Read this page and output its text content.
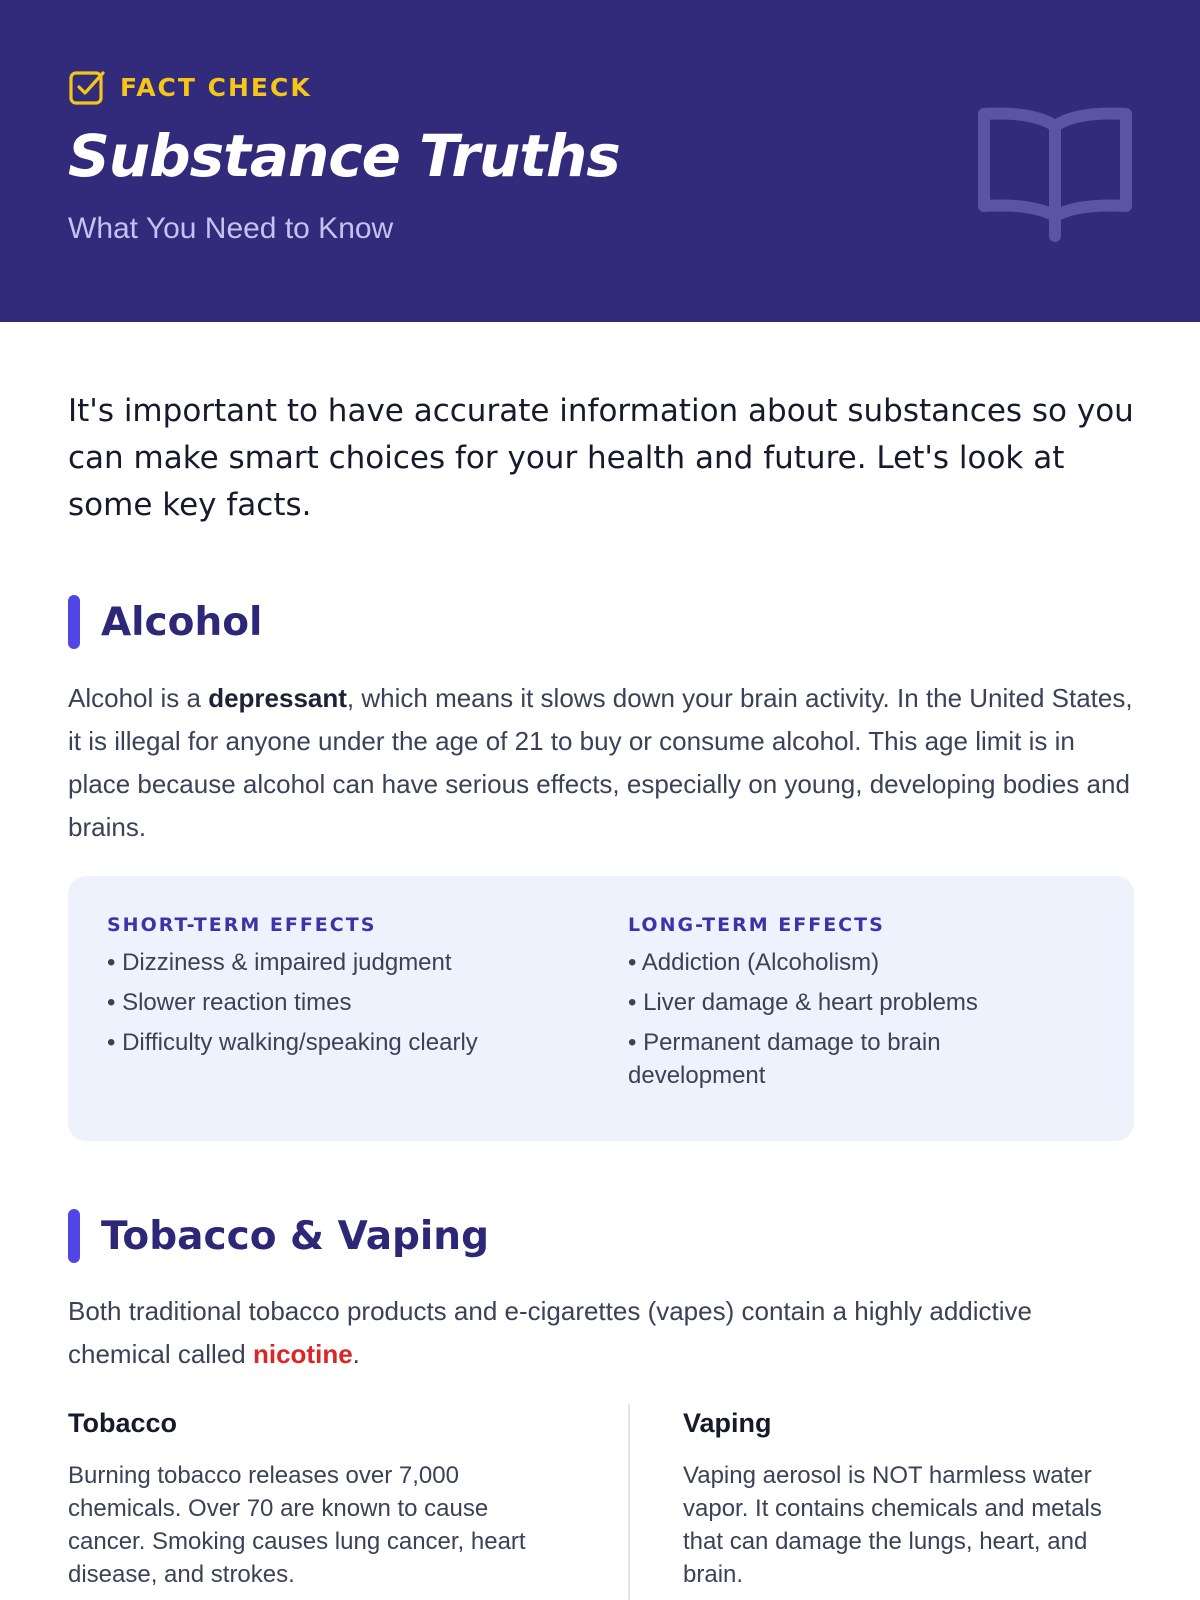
FACT CHECK
Substance Truths
What You Need to Know
It's important to have accurate information about substances so you can make smart choices for your health and future. Let's look at some key facts.
Alcohol

Alcohol is a depressant, which means it slows down your brain activity. In the United States, it is illegal for anyone under the age of 21 to buy or consume alcohol. This age limit is in place because alcohol can have serious effects, especially on young, developing bodies and brains.

SHORT-TERM EFFECTS
• Dizziness & impaired judgment
• Slower reaction times
• Difficulty walking/speaking clearly
LONG-TERM EFFECTS
• Addiction (Alcoholism)
• Liver damage & heart problems
• Permanent damage to brain development
Tobacco & Vaping

Both traditional tobacco products and e-cigarettes (vapes) contain a highly addictive chemical called nicotine.

Tobacco
Burning tobacco releases over 7,000 chemicals. Over 70 are known to cause cancer. Smoking causes lung cancer, heart disease, and strokes.
Vaping
Vaping aerosol is NOT harmless water vapor. It contains chemicals and metals that can damage the lungs, heart, and brain.
